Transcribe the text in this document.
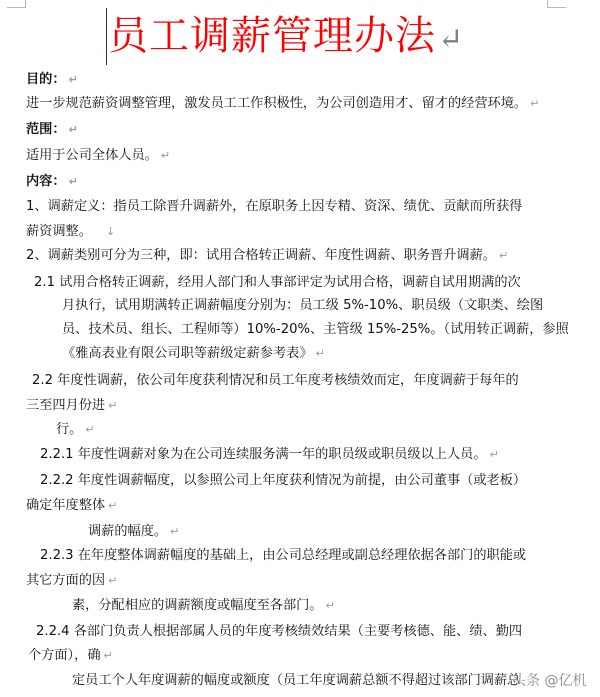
员工调薪管理办法↵
目的： ↵
进一步规范薪资调整管理，激发员工工作积极性，为公司创造用才、留才的经营环境。 ↵
范围： ↵
适用于公司全体人员。 ↵
内容： ↵
1、调薪定义：指员工除晋升调薪外，在原职务上因专精、资深、绩优、贡献而所获得
薪资调整。 ↓
2、调薪类别可分为三种，即：试用合格转正调薪、年度性调薪、职务晋升调薪。 ↵
2.1 试用合格转正调薪，经用人部门和人事部评定为试用合格，调薪自试用期满的次
月执行，试用期满转正调薪幅度分别为：员工级 5%-10%、职员级（文职类、绘图
员、技术员、组长、工程师等）10%-20%、主管级 15%-25%。（试用转正调薪，参照
《雅高表业有限公司职等薪级定薪参考表》 ↵
2.2 年度性调薪，依公司年度获利情况和员工年度考核绩效而定，年度调薪于每年的
三至四月份进 ↵
行。 ↵
2.2.1 年度性调薪对象为在公司连续服务满一年的职员级或职员级以上人员。 ↵
2.2.2 年度性调薪幅度，以参照公司上年度获利情况为前提，由公司董事（或老板）
确定年度整体 ↵
调薪的幅度。 ↵
2.2.3 在年度整体调薪幅度的基础上，由公司总经理或副总经理依据各部门的职能或
其它方面的因 ↵
素，分配相应的调薪额度或幅度至各部门。 ↵
2.2.4 各部门负责人根据部属人员的年度考核绩效结果（主要考核德、能、绩、勤四
个方面），确 ↵
定员工个人年度调薪的幅度或额度（员工年度调薪总额不得超过该部门调薪总
头条 @亿机
